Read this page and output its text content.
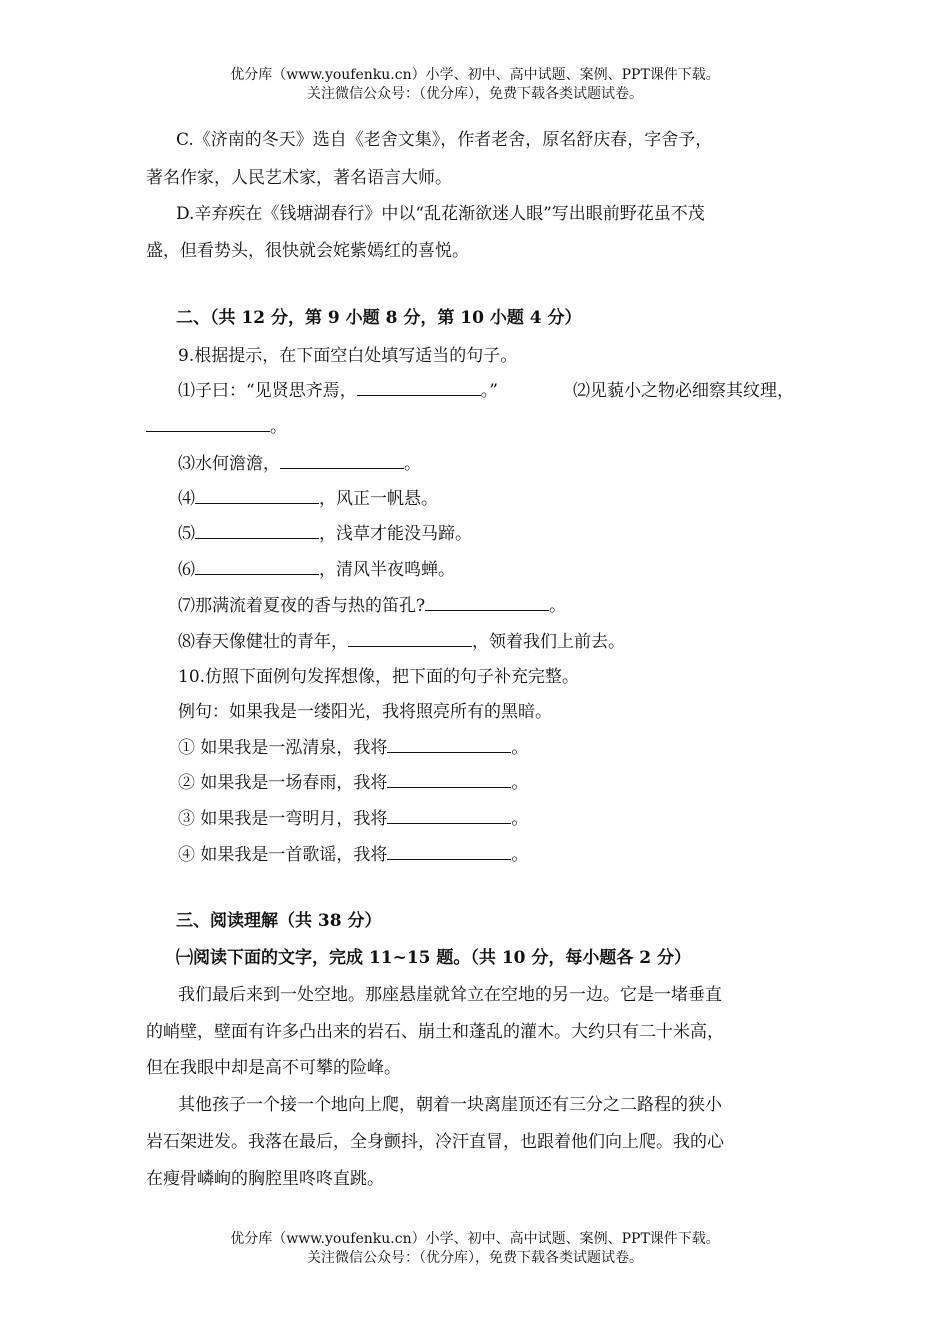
优分库（www.youfenku.cn）小学、初中、高中试题、案例、PPT课件下载。
关注微信公众号：（优分库），免费下载各类试题试卷。
C.《济南的冬天》选自《老舍文集》，作者老舍，原名舒庆春，字舍予，
著名作家，人民艺术家，著名语言大师。
D.辛弃疾在《钱塘湖春行》中以“乱花渐欲迷人眼”写出眼前野花虽不茂
盛，但看势头，很快就会姹紫嫣红的喜悦。
二、（共 12 分，第 9 小题 8 分，第 10 小题 4 分）
9.根据提示，在下面空白处填写适当的句子。
⑴子曰：“见贤思齐焉，	。”	⑵见藐小之物必细察其纹理，
。
⑶水何澹澹，	。
⑷	，风正一帆悬。
⑸	，浅草才能没马蹄。
⑹	，清风半夜鸣蝉。
⑺那满流着夏夜的香与热的笛孔?	。
⑻春天像健壮的青年，	，领着我们上前去。
10.仿照下面例句发挥想像，把下面的句子补充完整。
例句：如果我是一缕阳光，我将照亮所有的黑暗。
① 如果我是一泓清泉，我将	。
② 如果我是一场春雨，我将	。
③ 如果我是一弯明月，我将	。
④ 如果我是一首歌谣，我将	。
三、阅读理解（共 38 分）
㈠阅读下面的文字，完成 11~15 题。（共 10 分，每小题各 2 分）
我们最后来到一处空地。那座悬崖就耸立在空地的另一边。它是一堵垂直
的峭壁，壁面有许多凸出来的岩石、崩土和蓬乱的灌木。大约只有二十米高，
但在我眼中却是高不可攀的险峰。
其他孩子一个接一个地向上爬，朝着一块离崖顶还有三分之二路程的狭小
岩石架进发。我落在最后，全身颤抖，冷汗直冒，也跟着他们向上爬。我的心
在瘦骨嶙峋的胸腔里咚咚直跳。
优分库（www.youfenku.cn）小学、初中、高中试题、案例、PPT课件下载。
关注微信公众号：（优分库），免费下载各类试题试卷。
